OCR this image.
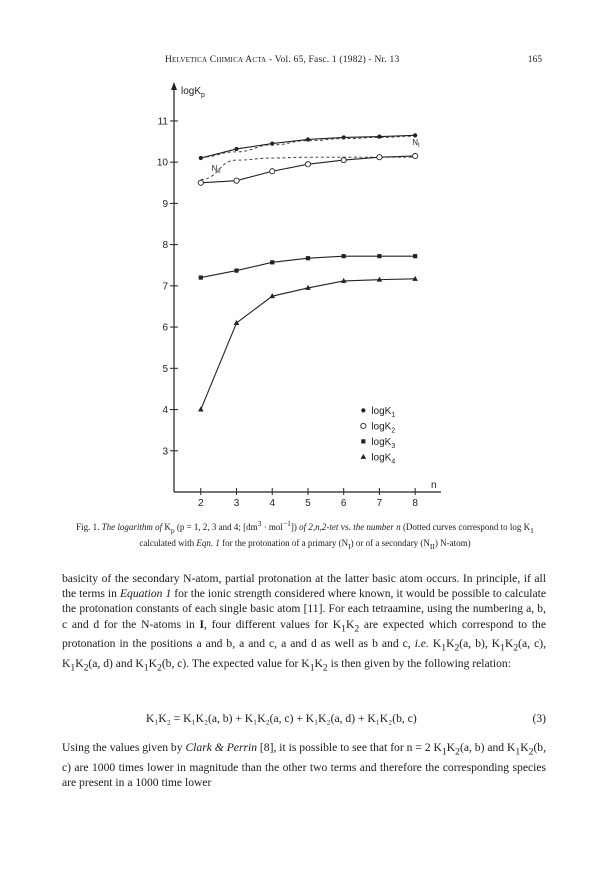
Helvetica Chimica Acta - Vol. 65, Fasc. 1 (1982) - Nr. 13	165
3
4
5
6
7
8
9
10
11
2	3	4	5	6	7	8
logK$_p$
n
$N_I$
$N_{II}$
logK$_1$
logK$_2$
logK$_3$
logK$_4$
Fig. 1. The logarithm of $K_p$ (p = 1, 2, 3 and 4; $[dm^3 \cdot mol^{-1}]$) of 2,n,2-tet vs. the number n (Dotted curves correspond to $\log K_1$ calculated with Eqn. 1 for the protonation of a primary $(N_I)$ or of a secondary $(N_{II})$ N-atom)

basicity of the secondary N-atom, partial protonation at the latter basic atom occurs. In principle, if all the terms in Equation 1 for the ionic strength considered where known, it would be possible to calculate the protonation constants of each single basic atom [11]. For each tetraamine, using the numbering a, b, c and d for the N-atoms in I, four different values for $K_1K_2$ are expected which correspond to the protonation in the positions a and b, a and c, a and d as well as b and c, i.e. $K_1K_2(a$, b), $K_1K_2(a$, c), $K_1K_2(a$, d) and $K_1K_2(b$, c). The expected value for $K_1K_2$ is then given by the following relation:

K₁K₂ = K₁K₂(a, b) + K₁K₂(a, c) + K₁K₂(a, d) + K₁K₂(b, c)	(3)

Using the values given by Clark & Perrin [8], it is possible to see that for n = 2 $K_1K_2(a$, b) and $K_1K_2(b$, c) are 1000 times lower in magnitude than the other two terms and therefore the corresponding species are present in a 1000 time lower
